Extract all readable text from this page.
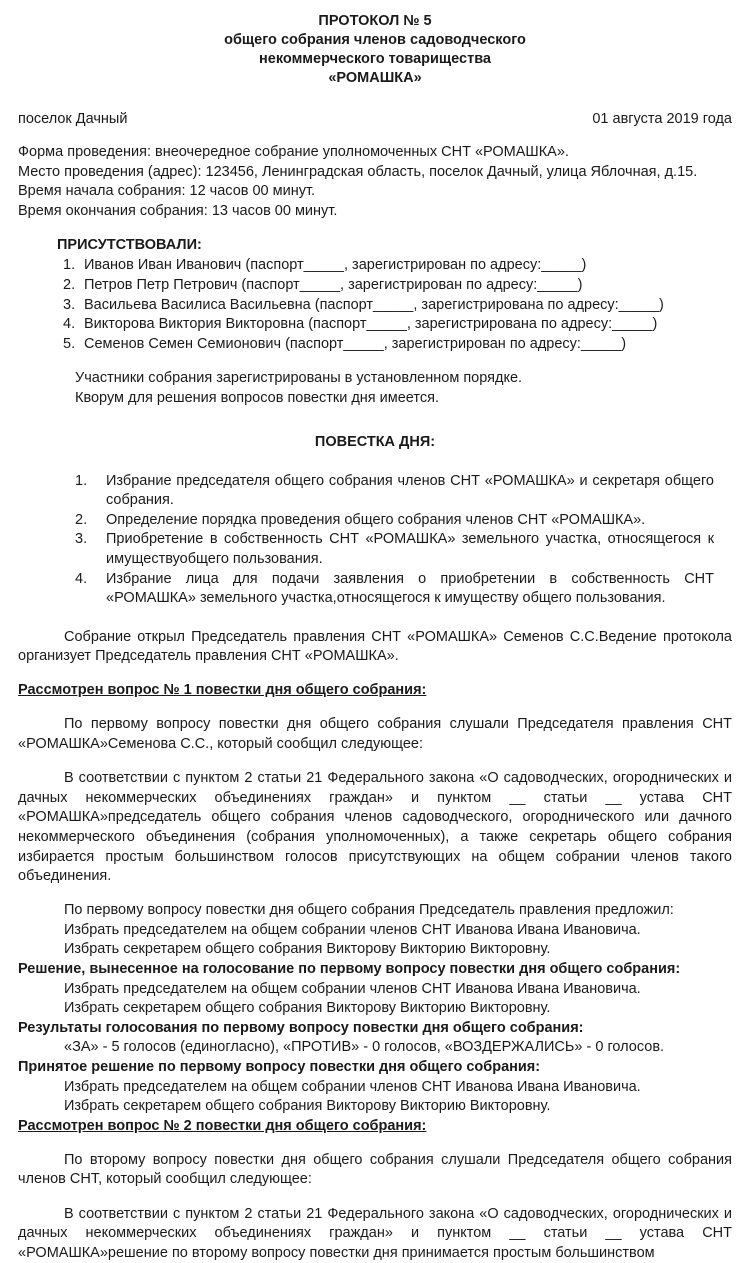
ПРОТОКОЛ № 5
общего собрания членов садоводческого
некоммерческого товарищества
«РОМАШКА»
поселок Дачный	01 августа 2019 года

Форма проведения: внеочередное собрание уполномоченных СНТ «РОМАШКА».

Место проведения (адрес): 123456, Ленинградская область, поселок Дачный, улица Яблочная, д.15.

Время начала собрания: 12 часов 00 минут.

Время окончания собрания: 13 часов 00 минут.

ПРИСУТСТВОВАЛИ:
1. Иванов Иван Иванович (паспорт_____, зарегистрирован по адресу:_____)
2. Петров Петр Петрович (паспорт_____, зарегистрирован по адресу:_____)
3. Васильева Василиса Васильевна (паспорт_____, зарегистрирована по адресу:_____)
4. Викторова Виктория Викторовна (паспорт_____, зарегистрирована по адресу:_____)
5. Семенов Семен Семионович (паспорт_____, зарегистрирован по адресу:_____)

Участники собрания зарегистрированы в установленном порядке.

Кворум для решения вопросов повестки дня имеется.

ПОВЕСТКА ДНЯ:
1. Избрание председателя общего собрания членов СНТ «РОМАШКА» и секретаря общего собрания.
2. Определение порядка проведения общего собрания членов СНТ «РОМАШКА».
3. Приобретение в собственность СНТ «РОМАШКА» земельного участка, относящегося к имуществуобщего пользования.
4. Избрание лица для подачи заявления о приобретении в собственность СНТ «РОМАШКА» земельного участка,относящегося к имуществу общего пользования.

Собрание открыл Председатель правления СНТ «РОМАШКА» Семенов С.С.Ведение протокола организует Председатель правления СНТ «РОМАШКА».

Рассмотрен вопрос № 1 повестки дня общего собрания:

По первому вопросу повестки дня общего собрания слушали Председателя правления СНТ «РОМАШКА»Семенова С.С., который сообщил следующее:

В соответствии с пунктом 2 статьи 21 Федерального закона «О садоводческих, огороднических и дачных некоммерческих объединениях граждан» и пунктом __ статьи __ устава СНТ «РОМАШКА»председатель общего собрания членов садоводческого, огороднического или дачного некоммерческого объединения (собрания уполномоченных), а также секретарь общего собрания избирается простым большинством голосов присутствующих на общем собрании членов такого объединения.

По первому вопросу повестки дня общего собрания Председатель правления предложил:
Избрать председателем на общем собрании членов СНТ Иванова Ивана Ивановича.
Избрать секретарем общего собрания Викторову Викторию Викторовну.
Решение, вынесенное на голосование по первому вопросу повестки дня общего собрания:
Избрать председателем на общем собрании членов СНТ Иванова Ивана Ивановича.
Избрать секретарем общего собрания Викторову Викторию Викторовну.
Результаты голосования по первому вопросу повестки дня общего собрания:
«ЗА» - 5 голосов (единогласно), «ПРОТИВ» - 0 голосов, «ВОЗДЕРЖАЛИСЬ» - 0 голосов.
Принятое решение по первому вопросу повестки дня общего собрания:
Избрать председателем на общем собрании членов СНТ Иванова Ивана Ивановича.
Избрать секретарем общего собрания Викторову Викторию Викторовну.
Рассмотрен вопрос № 2 повестки дня общего собрания:

По второму вопросу повестки дня общего собрания слушали Председателя общего собрания членов СНТ, который сообщил следующее:

В соответствии с пунктом 2 статьи 21 Федерального закона «О садоводческих, огороднических и дачных некоммерческих объединениях граждан» и пунктом __ статьи __ устава СНТ «РОМАШКА»решение по второму вопросу повестки дня принимается простым большинством
